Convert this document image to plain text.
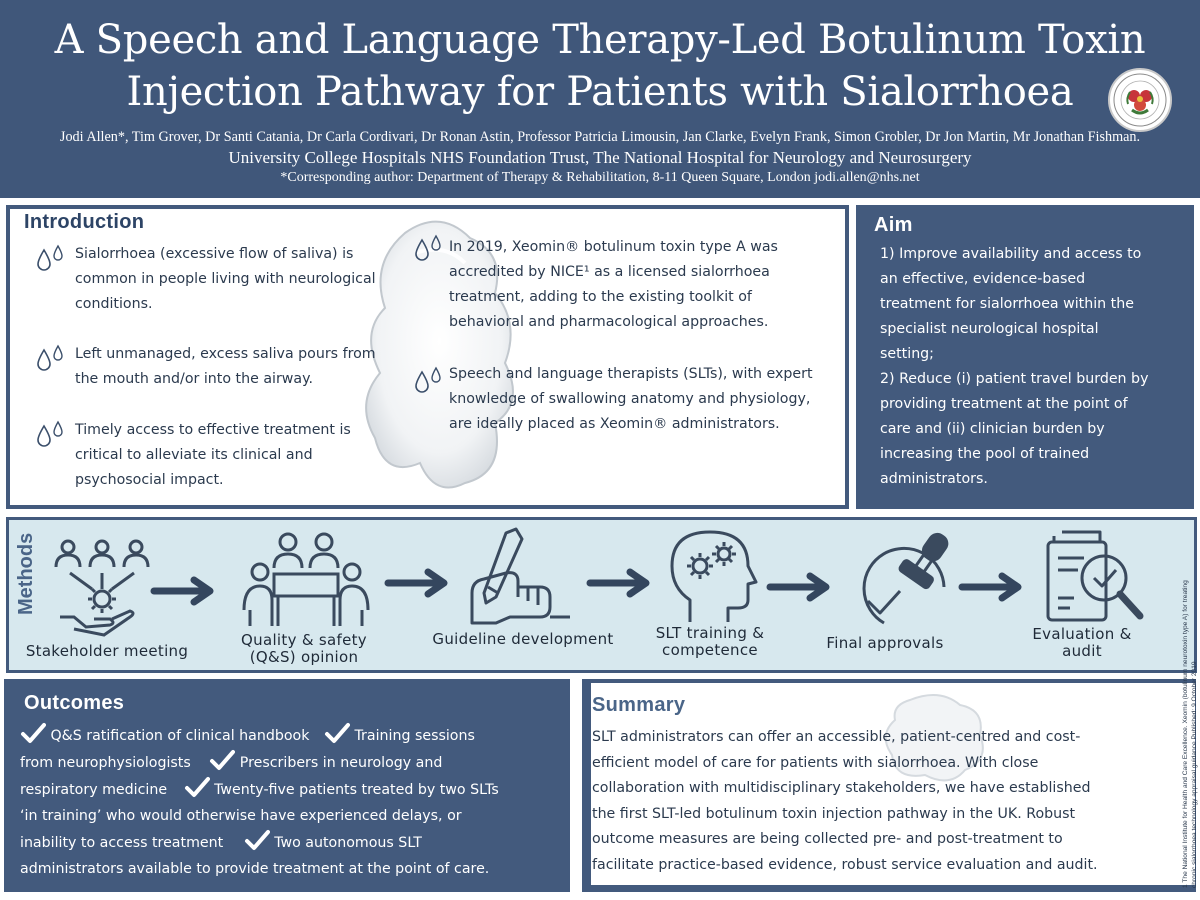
A Speech and Language Therapy-Led Botulinum Toxin
Injection Pathway for Patients with Sialorrhoea
Jodi Allen*, Tim Grover, Dr Santi Catania, Dr Carla Cordivari, Dr Ronan Astin, Professor Patricia Limousin, Jan Clarke, Evelyn Frank, Simon Grobler, Dr Jon Martin, Mr Jonathan Fishman.
University College Hospitals NHS Foundation Trust, The National Hospital for Neurology and Neurosurgery
*Corresponding author: Department of Therapy & Rehabilitation, 8-11 Queen Square, London jodi.allen@nhs.net
Introduction
Sialorrhoea (excessive flow of saliva) is
common in people living with neurological
conditions.
Left unmanaged, excess saliva pours from
the mouth and/or into the airway.
Timely access to effective treatment is
critical to alleviate its clinical and
psychosocial impact.
In 2019, Xeomin® botulinum toxin type A was
accredited by NICE¹ as a licensed sialorrhoea
treatment, adding to the existing toolkit of
behavioral and pharmacological approaches.
Speech and language therapists (SLTs), with expert
knowledge of swallowing anatomy and physiology,
are ideally placed as Xeomin® administrators.
Aim
1) Improve availability and access to
an effective, evidence-based
treatment for sialorrhoea within the
specialist neurological hospital
setting;
2) Reduce (i) patient travel burden by
providing treatment at the point of
care and (ii) clinician burden by
increasing the pool of trained
administrators.
Methods
Stakeholder meeting
Quality & safety
(Q&S) opinion
Guideline development	SLT training &
competence	Final approvals	Evaluation &
audit
Outcomes
Q&S ratification of clinical handbook	Training sessions
from neurophysiologists	Prescribers in neurology and
respiratory medicine	Twenty-five patients treated by two SLTs
‘in training’ who would otherwise have experienced delays, or
inability to access treatment	Two autonomous SLT
administrators available to provide treatment at the point of care.
Summary
SLT administrators can offer an accessible, patient-centred and cost-
efficient model of care for patients with sialorrhoea. With close
collaboration with multidisciplinary stakeholders, we have established
the first SLT-led botulinum toxin injection pathway in the UK. Robust
outcome measures are being collected pre- and post-treatment to
facilitate practice-based evidence, robust service evaluation and audit.	1 The National Institute for Health and Care Excellence. Xeomin (botulinum neurotoxin type A) for treating chronic sialorrhoea technology appraisal guidance Published: 9 October 2019
